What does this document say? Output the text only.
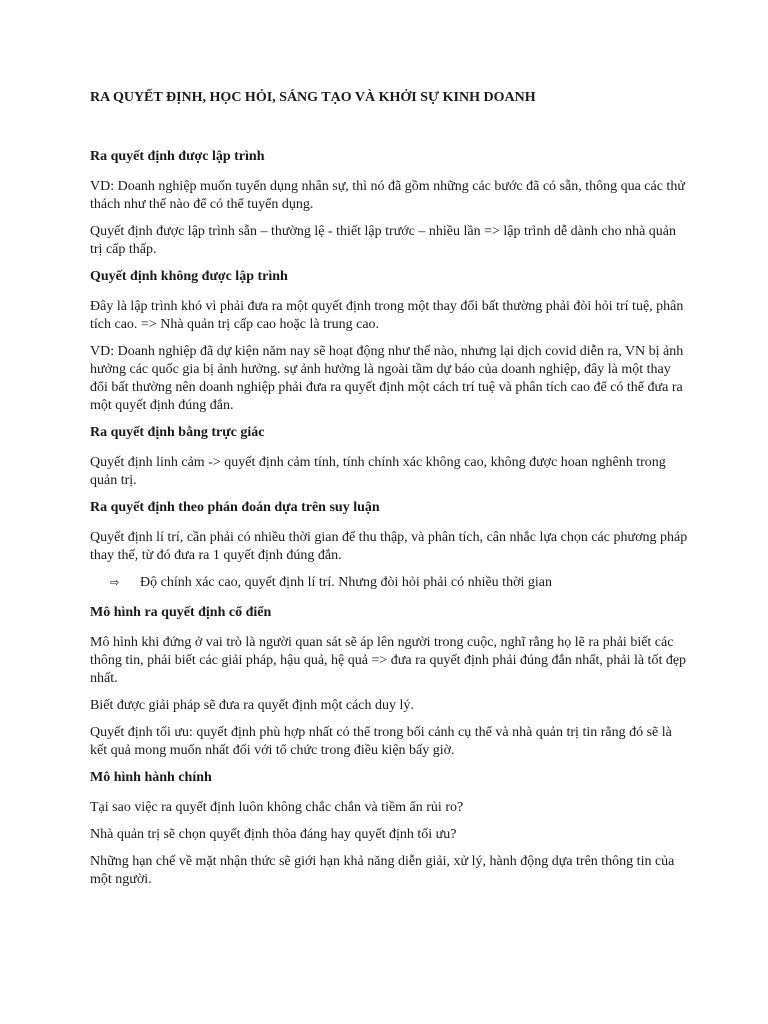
RA QUYẾT ĐỊNH, HỌC HỎI, SÁNG TẠO VÀ KHỞI SỰ KINH DOANH
Ra quyết định được lập trình

VD: Doanh nghiệp muốn tuyển dụng nhân sự, thì nó đã gồm những các bước đã có sẵn, thông qua các thử thách như thế nào để có thể tuyển dụng.

Quyết định được lập trình sẵn – thường lệ - thiết lập trước – nhiều lần => lập trình dễ dành cho nhà quản trị cấp thấp.

Quyết định không được lập trình

Đây là lập trình khó vì phải đưa ra một quyết định trong một thay đổi bất thường phải đòi hỏi trí tuệ, phân tích cao. => Nhà quản trị cấp cao hoặc là trung cao.

VD: Doanh nghiệp đã dự kiện năm nay sẽ hoạt động như thế nào, nhưng lại dịch covid diễn ra, VN bị ảnh hưởng các quốc gia bị ảnh hưởng. sự ảnh hưởng là ngoài tầm dự báo của doanh nghiệp, đây là một thay đổi bất thường nên doanh nghiệp phải đưa ra quyết định một cách trí tuệ và phân tích cao để có thể đưa ra một quyết định đúng đắn.

Ra quyết định bằng trực giác

Quyết định linh cảm -> quyết định cảm tính, tính chính xác không cao, không được hoan nghênh trong quản trị.

Ra quyết định theo phán đoán dựa trên suy luận

Quyết định lí trí, cần phải có nhiều thời gian để thu thập, và phân tích, cân nhắc lựa chọn các phương pháp thay thế, từ đó đưa ra 1 quyết định đúng đắn.

⇨	Độ chính xác cao, quyết định lí trí. Nhưng đòi hỏi phải có nhiều thời gian
Mô hình ra quyết định cổ điển

Mô hình khi đứng ở vai trò là người quan sát sẽ áp lên người trong cuộc, nghĩ rằng họ lẽ ra phải biết các thông tin, phải biết các giải pháp, hậu quả, hệ quả => đưa ra quyết định phải đúng đắn nhất, phải là tốt đẹp nhất.

Biết được giải pháp sẽ đưa ra quyết định một cách duy lý.

Quyết định tối ưu: quyết định phù hợp nhất có thể trong bối cảnh cụ thể và nhà quản trị tin rằng đó sẽ là kết quả mong muốn nhất đối với tổ chức trong điều kiện bấy giờ.

Mô hình hành chính

Tại sao việc ra quyết định luôn không chắc chắn và tiềm ẩn rủi ro?

Nhà quản trị sẽ chọn quyết định thỏa đáng hay quyết định tối ưu?

Những hạn chế về mặt nhận thức sẽ giới hạn khả năng diễn giải, xử lý, hành động dựa trên thông tin của một người.
